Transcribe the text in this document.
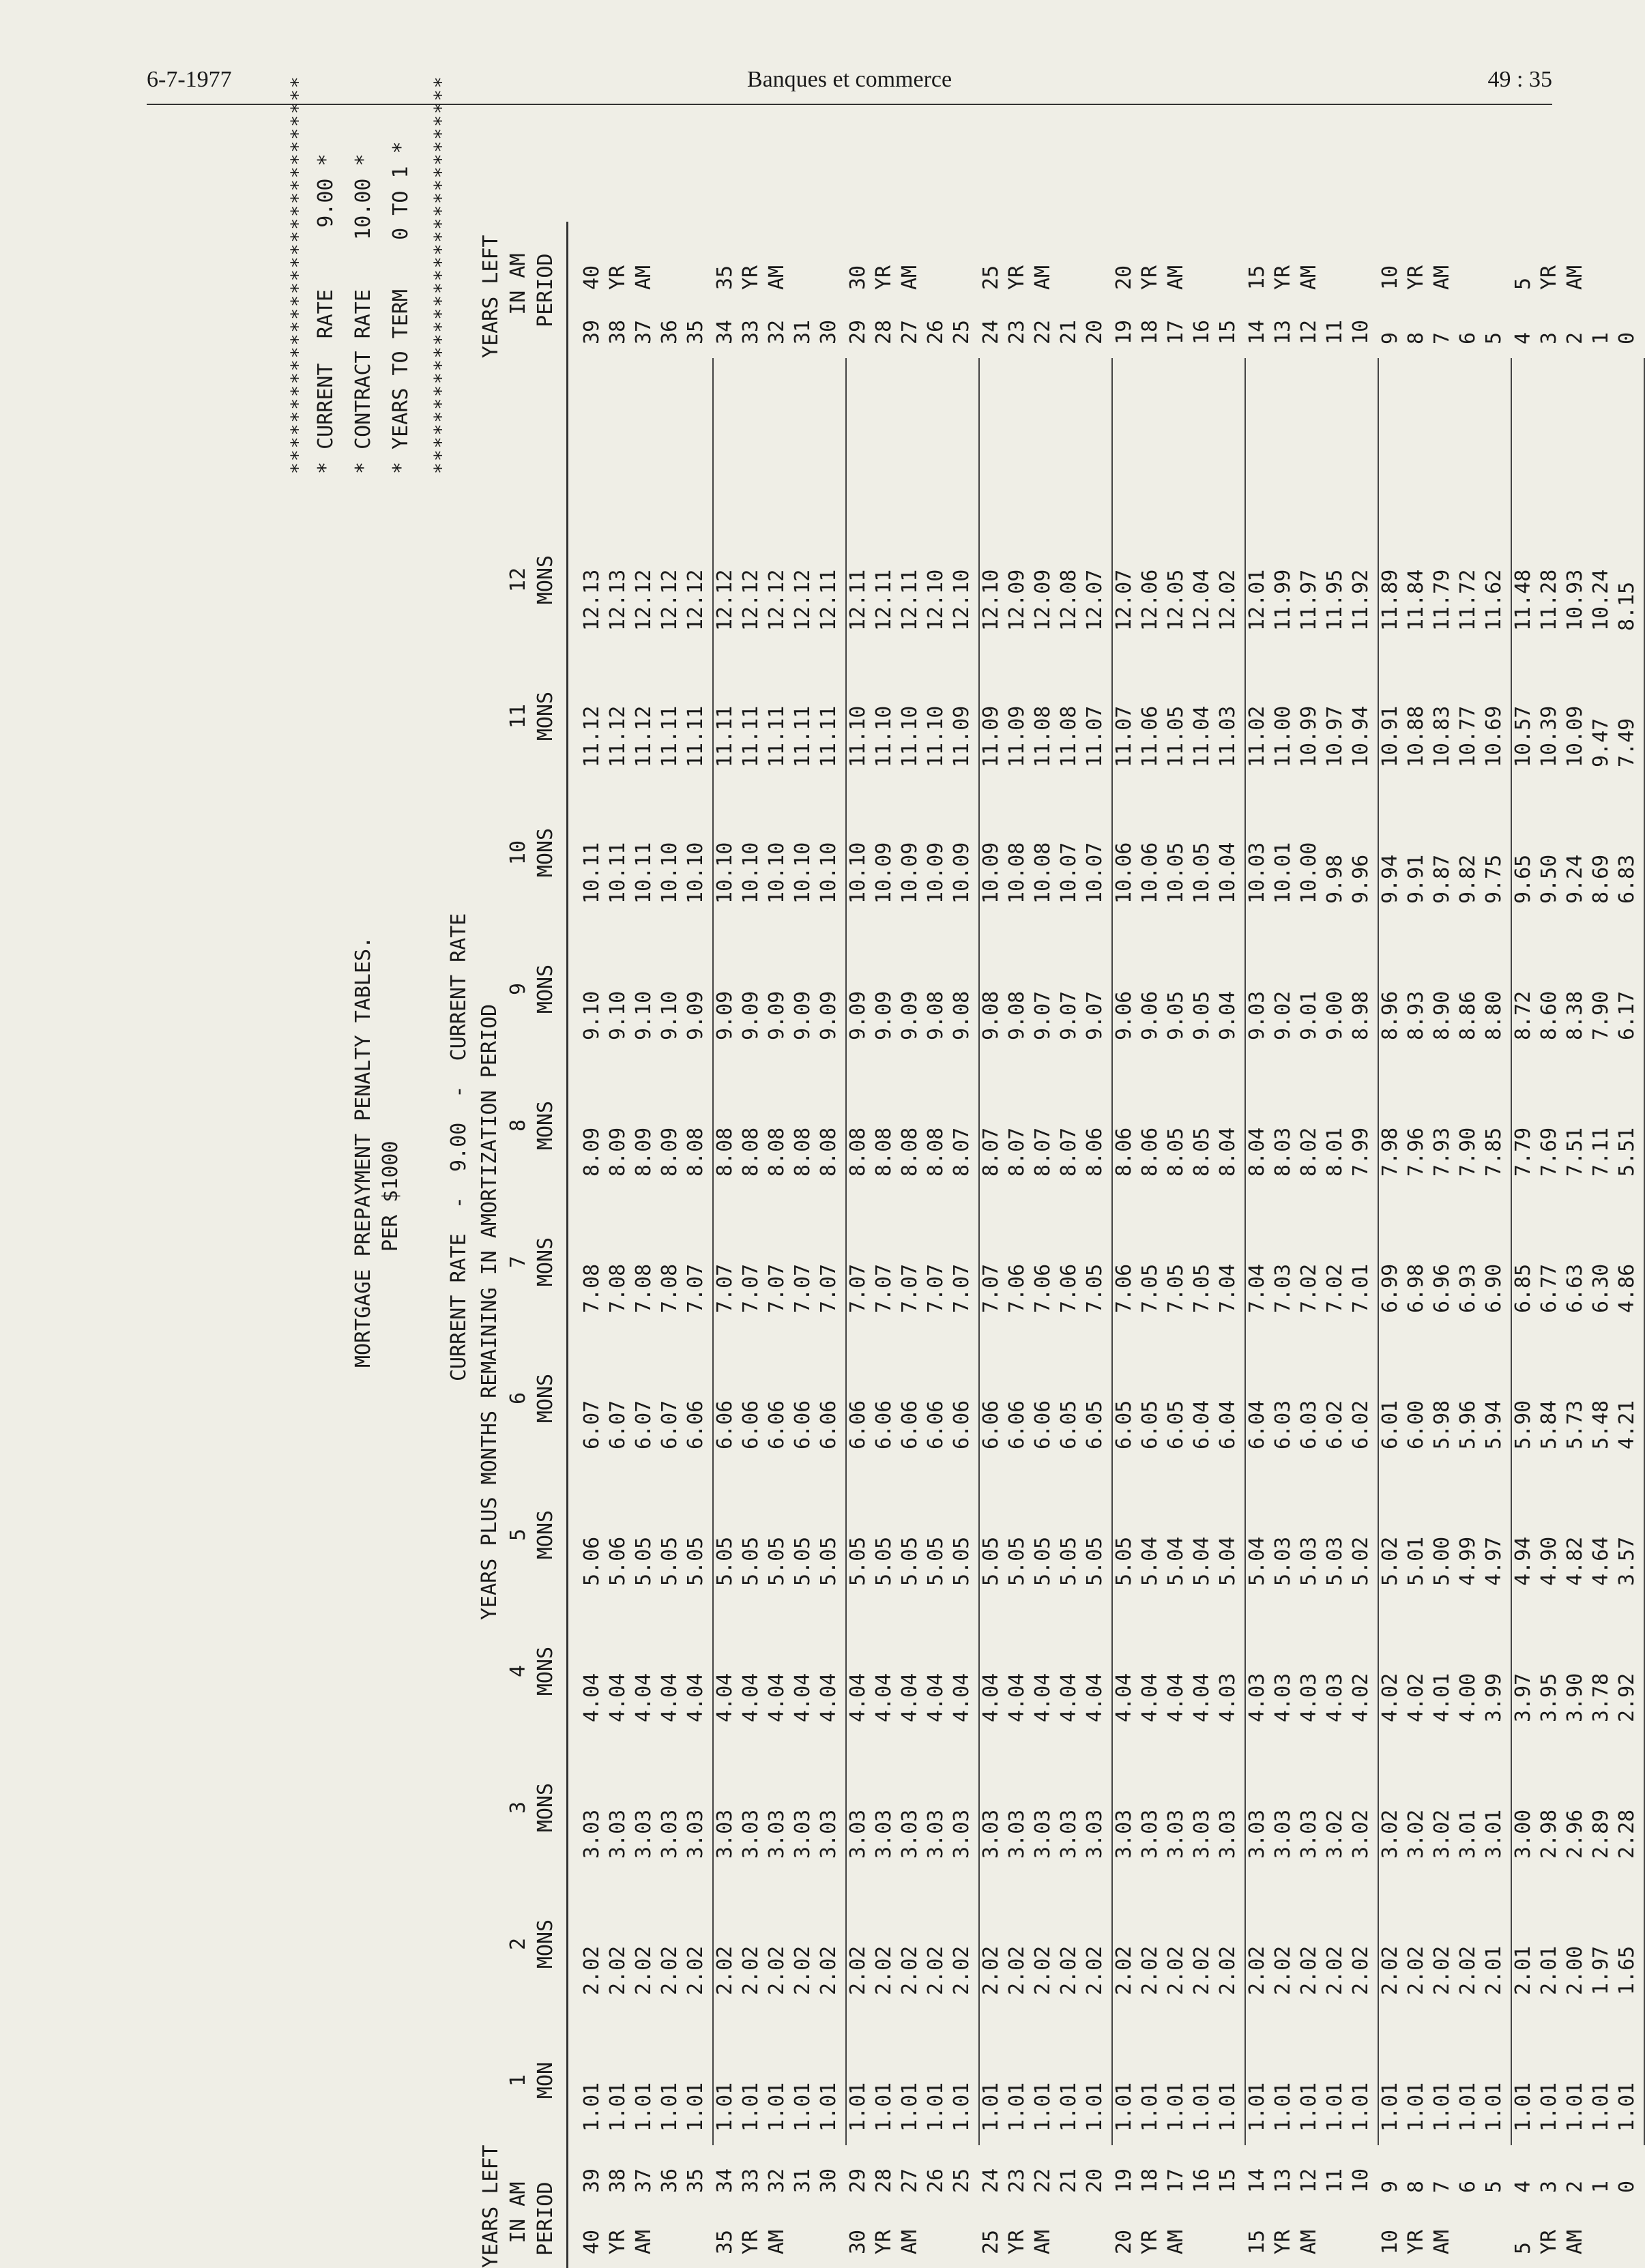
6-7-1977	Banques et commerce	49 : 35
******************************* * CURRENT  RATE     9.00 * * CONTRACT RATE    10.00 * * YEARS TO TERM    0 TO 1 * *******************************
MORTGAGE PREPAYMENT PENALTY TABLES. PER $1000 CURRENT RATE  -  9.00  -  CURRENT RATE YEARS PLUS MONTHS REMAINING IN AMORTIZATION PERIOD
YEARS LEFT
IN AM
PERIOD
YEARS LEFT
IN AM
PERIOD
1 MON
2 MONS
3 MONS
4 MONS
5 MONS
6 MONS
7 MONS
8 MONS
9 MONS
10 MONS
11 MONS
12 MONS
40
40
YR
YR
AM
AM
39
1.01
2.02
3.03
4.04
5.06
6.07
7.08
8.09
9.10
10.11
11.12
12.13
39
38
1.01
2.02
3.03
4.04
5.06
6.07
7.08
8.09
9.10
10.11
11.12
12.13
38
37
1.01
2.02
3.03
4.04
5.05
6.07
7.08
8.09
9.10
10.11
11.12
12.12
37
36
1.01
2.02
3.03
4.04
5.05
6.07
7.08
8.09
9.10
10.10
11.11
12.12
36
35
1.01
2.02
3.03
4.04
5.05
6.06
7.07
8.08
9.09
10.10
11.11
12.12
35
35
35
YR
YR
AM
AM
34
1.01
2.02
3.03
4.04
5.05
6.06
7.07
8.08
9.09
10.10
11.11
12.12
34
33
1.01
2.02
3.03
4.04
5.05
6.06
7.07
8.08
9.09
10.10
11.11
12.12
33
32
1.01
2.02
3.03
4.04
5.05
6.06
7.07
8.08
9.09
10.10
11.11
12.12
32
31
1.01
2.02
3.03
4.04
5.05
6.06
7.07
8.08
9.09
10.10
11.11
12.12
31
30
1.01
2.02
3.03
4.04
5.05
6.06
7.07
8.08
9.09
10.10
11.11
12.11
30
30
30
YR
YR
AM
AM
29
1.01
2.02
3.03
4.04
5.05
6.06
7.07
8.08
9.09
10.10
11.10
12.11
29
28
1.01
2.02
3.03
4.04
5.05
6.06
7.07
8.08
9.09
10.09
11.10
12.11
28
27
1.01
2.02
3.03
4.04
5.05
6.06
7.07
8.08
9.09
10.09
11.10
12.11
27
26
1.01
2.02
3.03
4.04
5.05
6.06
7.07
8.08
9.08
10.09
11.10
12.10
26
25
1.01
2.02
3.03
4.04
5.05
6.06
7.07
8.07
9.08
10.09
11.09
12.10
25
25
25
YR
YR
AM
AM
24
1.01
2.02
3.03
4.04
5.05
6.06
7.07
8.07
9.08
10.09
11.09
12.10
24
23
1.01
2.02
3.03
4.04
5.05
6.06
7.06
8.07
9.08
10.08
11.09
12.09
23
22
1.01
2.02
3.03
4.04
5.05
6.06
7.06
8.07
9.07
10.08
11.08
12.09
22
21
1.01
2.02
3.03
4.04
5.05
6.05
7.06
8.07
9.07
10.07
11.08
12.08
21
20
1.01
2.02
3.03
4.04
5.05
6.05
7.05
8.06
9.07
10.07
11.07
12.07
20
20
20
YR
YR
AM
AM
19
1.01
2.02
3.03
4.04
5.05
6.05
7.06
8.06
9.06
10.06
11.07
12.07
19
18
1.01
2.02
3.03
4.04
5.04
6.05
7.05
8.06
9.06
10.06
11.06
12.06
18
17
1.01
2.02
3.03
4.04
5.04
6.05
7.05
8.05
9.05
10.05
11.05
12.05
17
16
1.01
2.02
3.03
4.04
5.04
6.04
7.05
8.05
9.05
10.05
11.04
12.04
16
15
1.01
2.02
3.03
4.03
5.04
6.04
7.04
8.04
9.04
10.04
11.03
12.02
15
15
15
YR
YR
AM
AM
14
1.01
2.02
3.03
4.03
5.04
6.04
7.04
8.04
9.03
10.03
11.02
12.01
14
13
1.01
2.02
3.03
4.03
5.03
6.03
7.03
8.03
9.02
10.01
11.00
11.99
13
12
1.01
2.02
3.03
4.03
5.03
6.03
7.02
8.02
9.01
10.00
10.99
11.97
12
11
1.01
2.02
3.02
4.03
5.03
6.02
7.02
8.01
9.00
9.98
10.97
11.95
11
10
1.01
2.02
3.02
4.02
5.02
6.02
7.01
7.99
8.98
9.96
10.94
11.92
10
10
10
YR
YR
AM
AM
9
1.01
2.02
3.02
4.02
5.02
6.01
6.99
7.98
8.96
9.94
10.91
11.89
9
8
1.01
2.02
3.02
4.02
5.01
6.00
6.98
7.96
8.93
9.91
10.88
11.84
8
7
1.01
2.02
3.02
4.01
5.00
5.98
6.96
7.93
8.90
9.87
10.83
11.79
7
6
1.01
2.02
3.01
4.00
4.99
5.96
6.93
7.90
8.86
9.82
10.77
11.72
6
5
1.01
2.01
3.01
3.99
4.97
5.94
6.90
7.85
8.80
9.75
10.69
11.62
5
5
5
YR
YR
AM
AM
4
1.01
2.01
3.00
3.97
4.94
5.90
6.85
7.79
8.72
9.65
10.57
11.48
4
3
1.01
2.01
2.98
3.95
4.90
5.84
6.77
7.69
8.60
9.50
10.39
11.28
3
2
1.01
2.00
2.96
3.90
4.82
5.73
6.63
7.51
8.38
9.24
10.09
10.93
2
1
1.01
1.97
2.89
3.78
4.64
5.48
6.30
7.11
7.90
8.69
9.47
10.24
1
0
1.01
1.65
2.28
2.92
3.57
4.21
4.86
5.51
6.17
6.83
7.49
8.15
0
